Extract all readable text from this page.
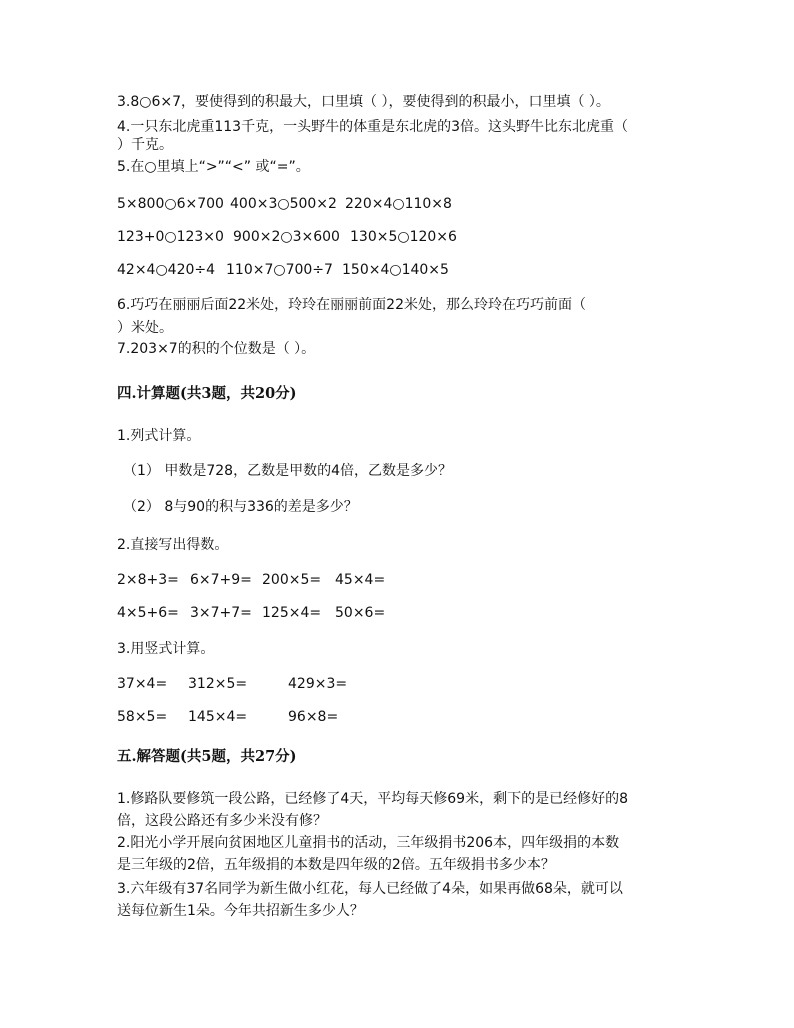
3.8○6×7，要使得到的积最大，口里填（ ），要使得到的积最小，口里填（ ）。
4.一只东北虎重113千克，一头野牛的体重是东北虎的3倍。这头野牛比东北虎重（
）千克。
5.在○里填上“>”“<” 或“=”。
5×800○6×700 400×3○500×2 220×4○110×8
123+0○123×0 900×2○3×600 130×5○120×6
42×4○420÷4 110×7○700÷7 150×4○140×5
6.巧巧在丽丽后面22米处，玲玲在丽丽前面22米处，那么玲玲在巧巧前面（
）米处。
7.203×7的积的个位数是（ ）。
四.计算题(共3题，共20分)
1.列式计算。
（1） 甲数是728，乙数是甲数的4倍，乙数是多少？
（2） 8与90的积与336的差是多少？
2.直接写出得数。
2×8+3= 6×7+9= 200×5= 45×4=
4×5+6= 3×7+7= 125×4= 50×6=
3.用竖式计算。
37×4= 312×5=	429×3=
58×5= 145×4=	96×8=
五.解答题(共5题，共27分)
1.修路队要修筑一段公路，已经修了4天，平均每天修69米，剩下的是已经修好的8
倍，这段公路还有多少米没有修？
2.阳光小学开展向贫困地区儿童捐书的活动，三年级捐书206本，四年级捐的本数
是三年级的2倍，五年级捐的本数是四年级的2倍。五年级捐书多少本？
3.六年级有37名同学为新生做小红花，每人已经做了4朵，如果再做68朵，就可以
送每位新生1朵。今年共招新生多少人？
